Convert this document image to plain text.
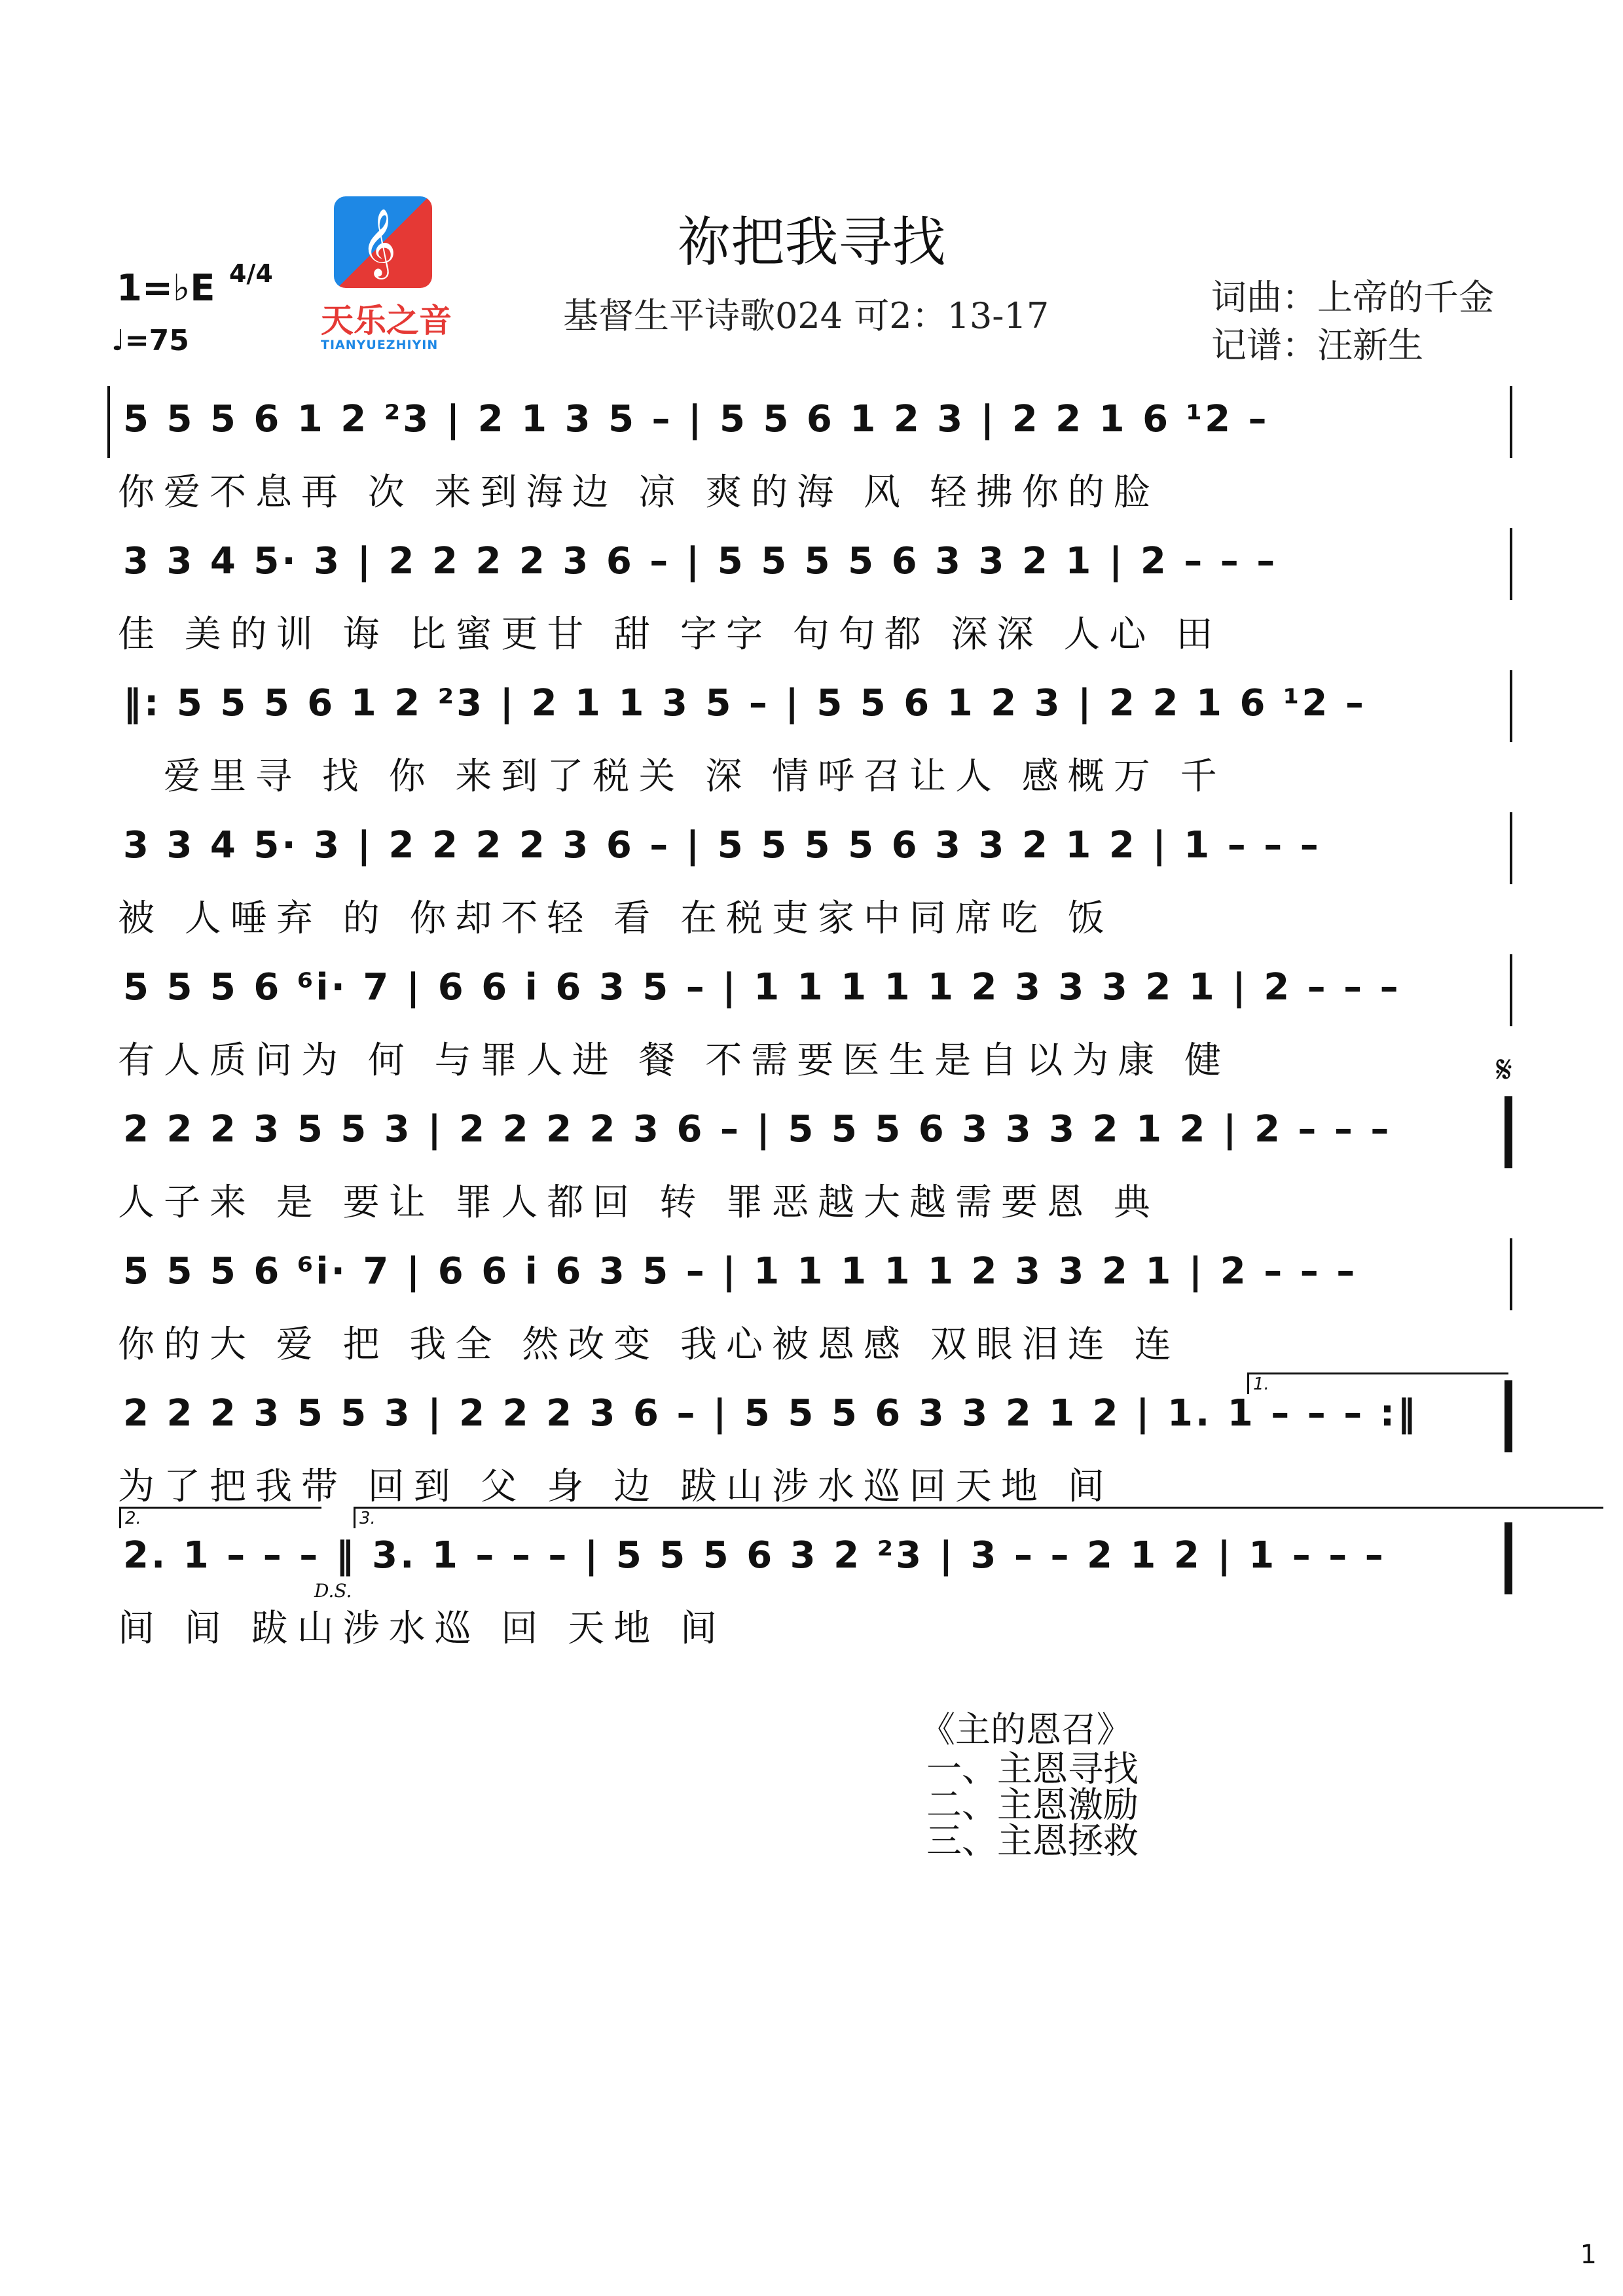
祢把我寻找
基督生平诗歌024 可2：13-17	词曲：上帝的千金
记谱：汪新生
1=♭E 4/4
♩=75
𝄞
天乐之音
TIANYUEZHIYIN
5 5 5 6 1 2 ²3 | 2 1 3 5 – | 5 5 6 1 2 3 | 2 2 1 6 ¹2 –
你爱不息再 次 来到海边 凉 爽的海 风 轻拂你的脸
3 3 4 5· 3 | 2 2 2 2 3 6 – | 5 5 5 5 6 3 3 2 1 | 2 – – –
佳 美的训 诲 比蜜更甘 甜 字字 句句都 深深 人心 田
‖: 5 5 5 6 1 2 ²3 | 2 1 1 3 5 – | 5 5 6 1 2 3 | 2 2 1 6 ¹2 –
爱里寻 找 你 来到了税关 深 情呼召让人 感概万 千
3 3 4 5· 3 | 2 2 2 2 3 6 – | 5 5 5 5 6 3 3 2 1 2 | 1 – – –
被 人唾弃 的 你却不轻 看 在税吏家中同席吃 饭
5 5 5 6 ⁶i· 7 | 6 6 i 6 3 5 – | 1 1 1 1 1 2 3 3 3 2 1 | 2 – – –
有人质问为 何 与罪人进 餐 不需要医生是自以为康 健	𝄋
2 2 2 3 5 5 3 | 2 2 2 2 3 6 – | 5 5 5 6 3 3 3 2 1 2 | 2 – – –
人子来 是 要让 罪人都回 转 罪恶越大越需要恩 典
5 5 5 6 ⁶i· 7 | 6 6 i 6 3 5 – | 1 1 1 1 1 2 3 3 2 1 | 2 – – –
你的大 爱 把 我全 然改变 我心被恩感 双眼泪连 连
1.
2 2 2 3 5 5 3 | 2 2 2 3 6 – | 5 5 5 6 3 3 2 1 2 | 1. 1 – – – :‖
为了把我带 回到 父 身 边 跋山涉水巡回天地 间
2.	3.
2. 1 – – – ‖ 3. 1 – – – | 5 5 5 6 3 2 ²3 | 3 – – 2 1 2 | 1 – – –
D.S.
间 间 跋山涉水巡 回 天地 间
《主的恩召》
一、主恩寻找
二、主恩激励
三、主恩拯救
1
